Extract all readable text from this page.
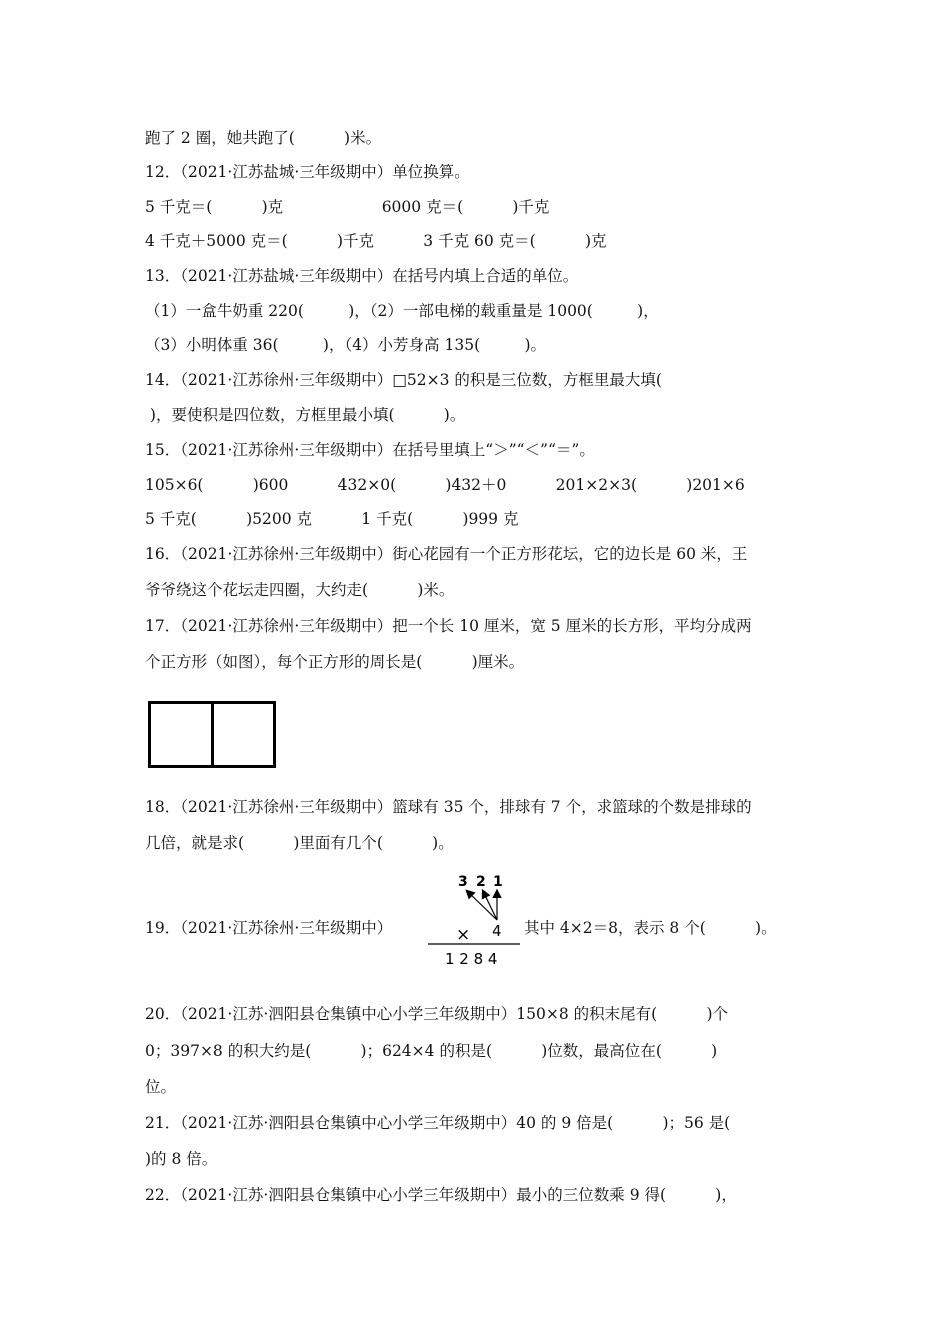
跑了 2 圈，她共跑了(          )米。
12．（2021·江苏盐城·三年级期中）单位换算。
5 千克＝(          )克                    6000 克＝(          )千克
4 千克＋5000 克＝(          )千克          3 千克 60 克＝(          )克
13．（2021·江苏盐城·三年级期中）在括号内填上合适的单位。
（1）一盒牛奶重 220(         )，（2）一部电梯的载重量是 1000(         )，
（3）小明体重 36(         )，（4）小芳身高 135(         )。
14．（2021·江苏徐州·三年级期中）□52×3 的积是三位数，方框里最大填(
)，要使积是四位数，方框里最小填(          )。
15．（2021·江苏徐州·三年级期中）在括号里填上“＞”“＜”“＝”。
105×6(          )600          432×0(          )432＋0          201×2×3(          )201×6
5 千克(          )5200 克          1 千克(          )999 克
16．（2021·江苏徐州·三年级期中）街心花园有一个正方形花坛，它的边长是 60 米，王
爷爷绕这个花坛走四圈，大约走(          )米。
17．（2021·江苏徐州·三年级期中）把一个长 10 厘米，宽 5 厘米的长方形，平均分成两
个正方形（如图），每个正方形的周长是(          )厘米。
18．（2021·江苏徐州·三年级期中）篮球有 35 个，排球有 7 个，求篮球的个数是排球的
几倍，就是求(          )里面有几个(          )。
19．（2021·江苏徐州·三年级期中）
3 2 1
× 4
1 2 8 4
其中 4×2＝8，表示 8 个(          )。
20．（2021·江苏·泗阳县仓集镇中心小学三年级期中）150×8 的积末尾有(          )个
0；397×8 的积大约是(          )；624×4 的积是(          )位数，最高位在(          )
位。
21．（2021·江苏·泗阳县仓集镇中心小学三年级期中）40 的 9 倍是(          )；56 是(
)的 8 倍。
22．（2021·江苏·泗阳县仓集镇中心小学三年级期中）最小的三位数乘 9 得(          )，
